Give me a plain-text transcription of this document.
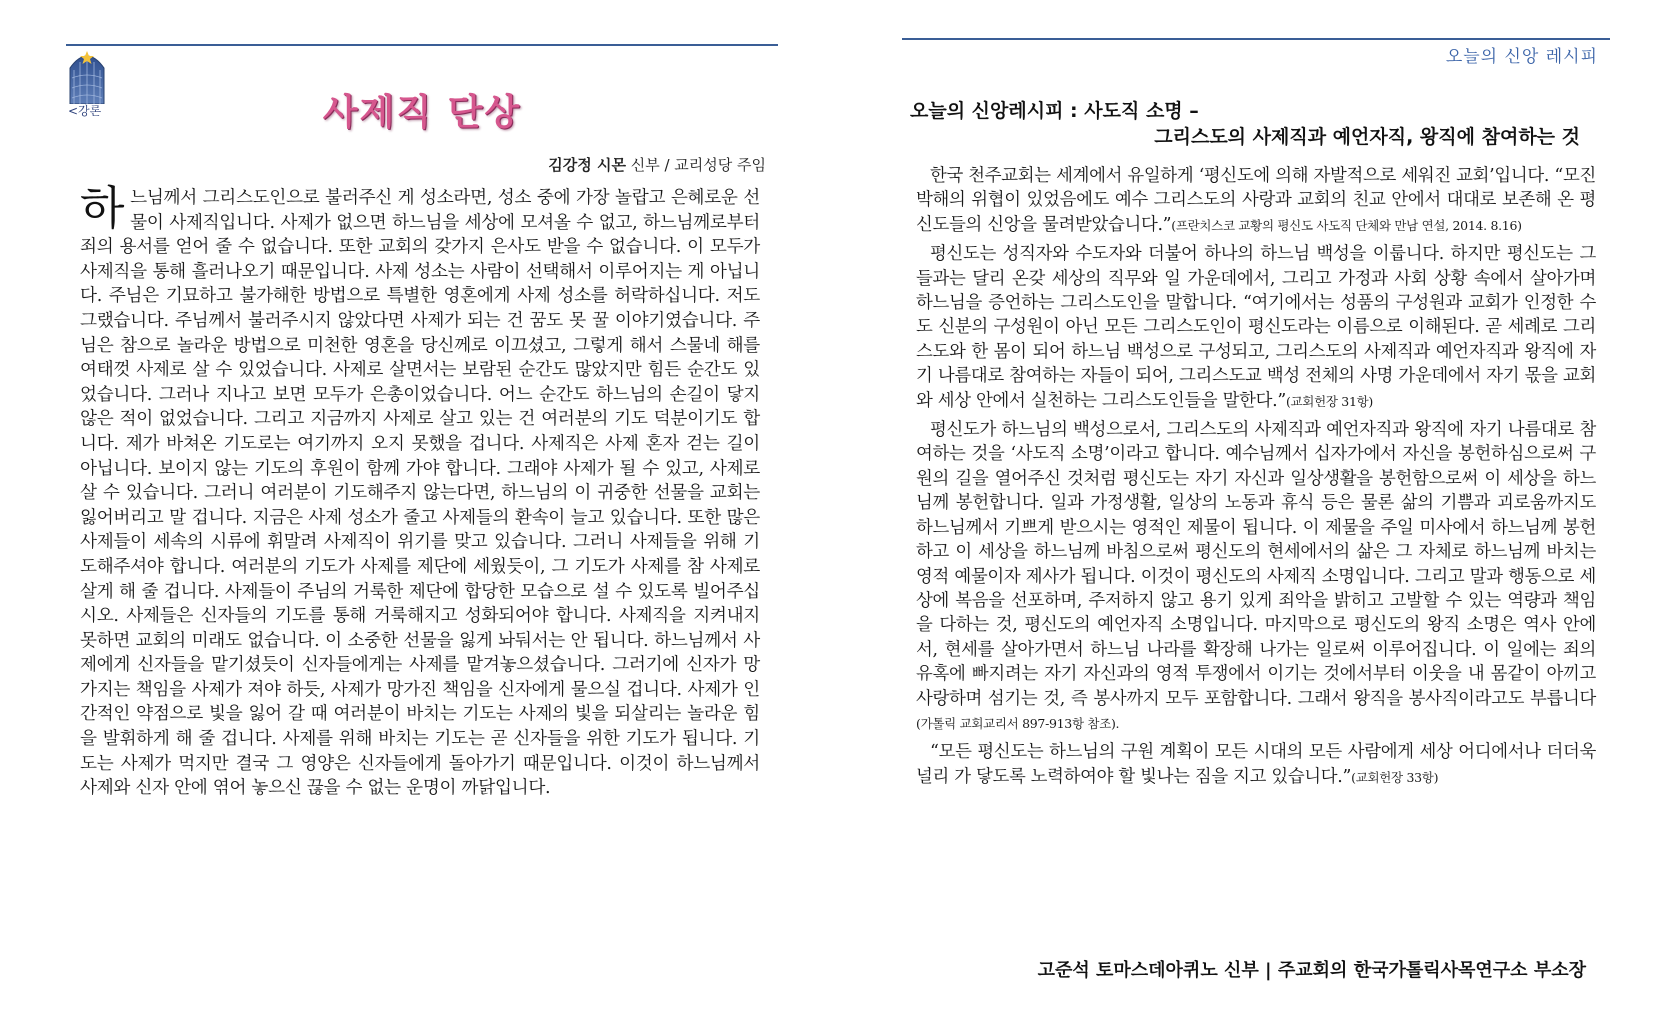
<강론	사제직 단상
김강정 시몬 신부 / 교리성당 주임

하느님께서 그리스도인으로 불러주신 게 성소라면, 성소 중에 가장 놀랍고 은혜로운 선물이 사제직입니다. 사제가 없으면 하느님을 세상에 모셔올 수 없고, 하느님께로부터 죄의 용서를 얻어 줄 수 없습니다. 또한 교회의 갖가지 은사도 받을 수 없습니다. 이 모두가 사제직을 통해 흘러나오기 때문입니다. 사제 성소는 사람이 선택해서 이루어지는 게 아닙니다. 주님은 기묘하고 불가해한 방법으로 특별한 영혼에게 사제 성소를 허락하십니다. 저도 그랬습니다. 주님께서 불러주시지 않았다면 사제가 되는 건 꿈도 못 꿀 이야기였습니다. 주님은 참으로 놀라운 방법으로 미천한 영혼을 당신께로 이끄셨고, 그렇게 해서 스물네 해를 여태껏 사제로 살 수 있었습니다. 사제로 살면서는 보람된 순간도 많았지만 힘든 순간도 있었습니다. 그러나 지나고 보면 모두가 은총이었습니다. 어느 순간도 하느님의 손길이 닿지 않은 적이 없었습니다. 그리고 지금까지 사제로 살고 있는 건 여러분의 기도 덕분이기도 합니다. 제가 바쳐온 기도로는 여기까지 오지 못했을 겁니다. 사제직은 사제 혼자 걷는 길이 아닙니다. 보이지 않는 기도의 후원이 함께 가야 합니다. 그래야 사제가 될 수 있고, 사제로 살 수 있습니다. 그러니 여러분이 기도해주지 않는다면, 하느님의 이 귀중한 선물을 교회는 잃어버리고 말 겁니다. 지금은 사제 성소가 줄고 사제들의 환속이 늘고 있습니다. 또한 많은 사제들이 세속의 시류에 휘말려 사제직이 위기를 맞고 있습니다. 그러니 사제들을 위해 기도해주셔야 합니다. 여러분의 기도가 사제를 제단에 세웠듯이, 그 기도가 사제를 참 사제로 살게 해 줄 겁니다. 사제들이 주님의 거룩한 제단에 합당한 모습으로 설 수 있도록 빌어주십시오. 사제들은 신자들의 기도를 통해 거룩해지고 성화되어야 합니다. 사제직을 지켜내지 못하면 교회의 미래도 없습니다. 이 소중한 선물을 잃게 놔둬서는 안 됩니다. 하느님께서 사제에게 신자들을 맡기셨듯이 신자들에게는 사제를 맡겨놓으셨습니다. 그러기에 신자가 망가지는 책임을 사제가 져야 하듯, 사제가 망가진 책임을 신자에게 물으실 겁니다. 사제가 인간적인 약점으로 빛을 잃어 갈 때 여러분이 바치는 기도는 사제의 빛을 되살리는 놀라운 힘을 발휘하게 해 줄 겁니다. 사제를 위해 바치는 기도는 곧 신자들을 위한 기도가 됩니다. 기도는 사제가 먹지만 결국 그 영양은 신자들에게 돌아가기 때문입니다. 이것이 하느님께서 사제와 신자 안에 엮어 놓으신 끊을 수 없는 운명이 까닭입니다.

오늘의 신앙 레시피
오늘의 신앙레시피 : 사도직 소명 –
그리스도의 사제직과 예언자직, 왕직에 참여하는 것

한국 천주교회는 세계에서 유일하게 ‘평신도에 의해 자발적으로 세워진 교회’입니다. “모진 박해의 위협이 있었음에도 예수 그리스도의 사랑과 교회의 친교 안에서 대대로 보존해 온 평신도들의 신앙을 물려받았습니다.”(프란치스코 교황의 평신도 사도직 단체와 만남 연설, 2014. 8.16)

평신도는 성직자와 수도자와 더불어 하나의 하느님 백성을 이룹니다. 하지만 평신도는 그들과는 달리 온갖 세상의 직무와 일 가운데에서, 그리고 가정과 사회 상황 속에서 살아가며 하느님을 증언하는 그리스도인을 말합니다. “여기에서는 성품의 구성원과 교회가 인정한 수도 신분의 구성원이 아닌 모든 그리스도인이 평신도라는 이름으로 이해된다. 곧 세례로 그리스도와 한 몸이 되어 하느님 백성으로 구성되고, 그리스도의 사제직과 예언자직과 왕직에 자기 나름대로 참여하는 자들이 되어, 그리스도교 백성 전체의 사명 가운데에서 자기 몫을 교회와 세상 안에서 실천하는 그리스도인들을 말한다.”(교회헌장 31항)

평신도가 하느님의 백성으로서, 그리스도의 사제직과 예언자직과 왕직에 자기 나름대로 참여하는 것을 ‘사도직 소명’이라고 합니다. 예수님께서 십자가에서 자신을 봉헌하심으로써 구원의 길을 열어주신 것처럼 평신도는 자기 자신과 일상생활을 봉헌함으로써 이 세상을 하느님께 봉헌합니다. 일과 가정생활, 일상의 노동과 휴식 등은 물론 삶의 기쁨과 괴로움까지도 하느님께서 기쁘게 받으시는 영적인 제물이 됩니다. 이 제물을 주일 미사에서 하느님께 봉헌하고 이 세상을 하느님께 바침으로써 평신도의 현세에서의 삶은 그 자체로 하느님께 바치는 영적 예물이자 제사가 됩니다. 이것이 평신도의 사제직 소명입니다. 그리고 말과 행동으로 세상에 복음을 선포하며, 주저하지 않고 용기 있게 죄악을 밝히고 고발할 수 있는 역량과 책임을 다하는 것, 평신도의 예언자직 소명입니다. 마지막으로 평신도의 왕직 소명은 역사 안에서, 현세를 살아가면서 하느님 나라를 확장해 나가는 일로써 이루어집니다. 이 일에는 죄의 유혹에 빠지려는 자기 자신과의 영적 투쟁에서 이기는 것에서부터 이웃을 내 몸같이 아끼고 사랑하며 섬기는 것, 즉 봉사까지 모두 포함합니다. 그래서 왕직을 봉사직이라고도 부릅니다(가톨릭 교회교리서 897-913항 참조).

“모든 평신도는 하느님의 구원 계획이 모든 시대의 모든 사람에게 세상 어디에서나 더더욱 널리 가 닿도록 노력하여야 할 빛나는 짐을 지고 있습니다.”(교회헌장 33항)

고준석 토마스데아퀴노 신부 | 주교회의 한국가톨릭사목연구소 부소장
